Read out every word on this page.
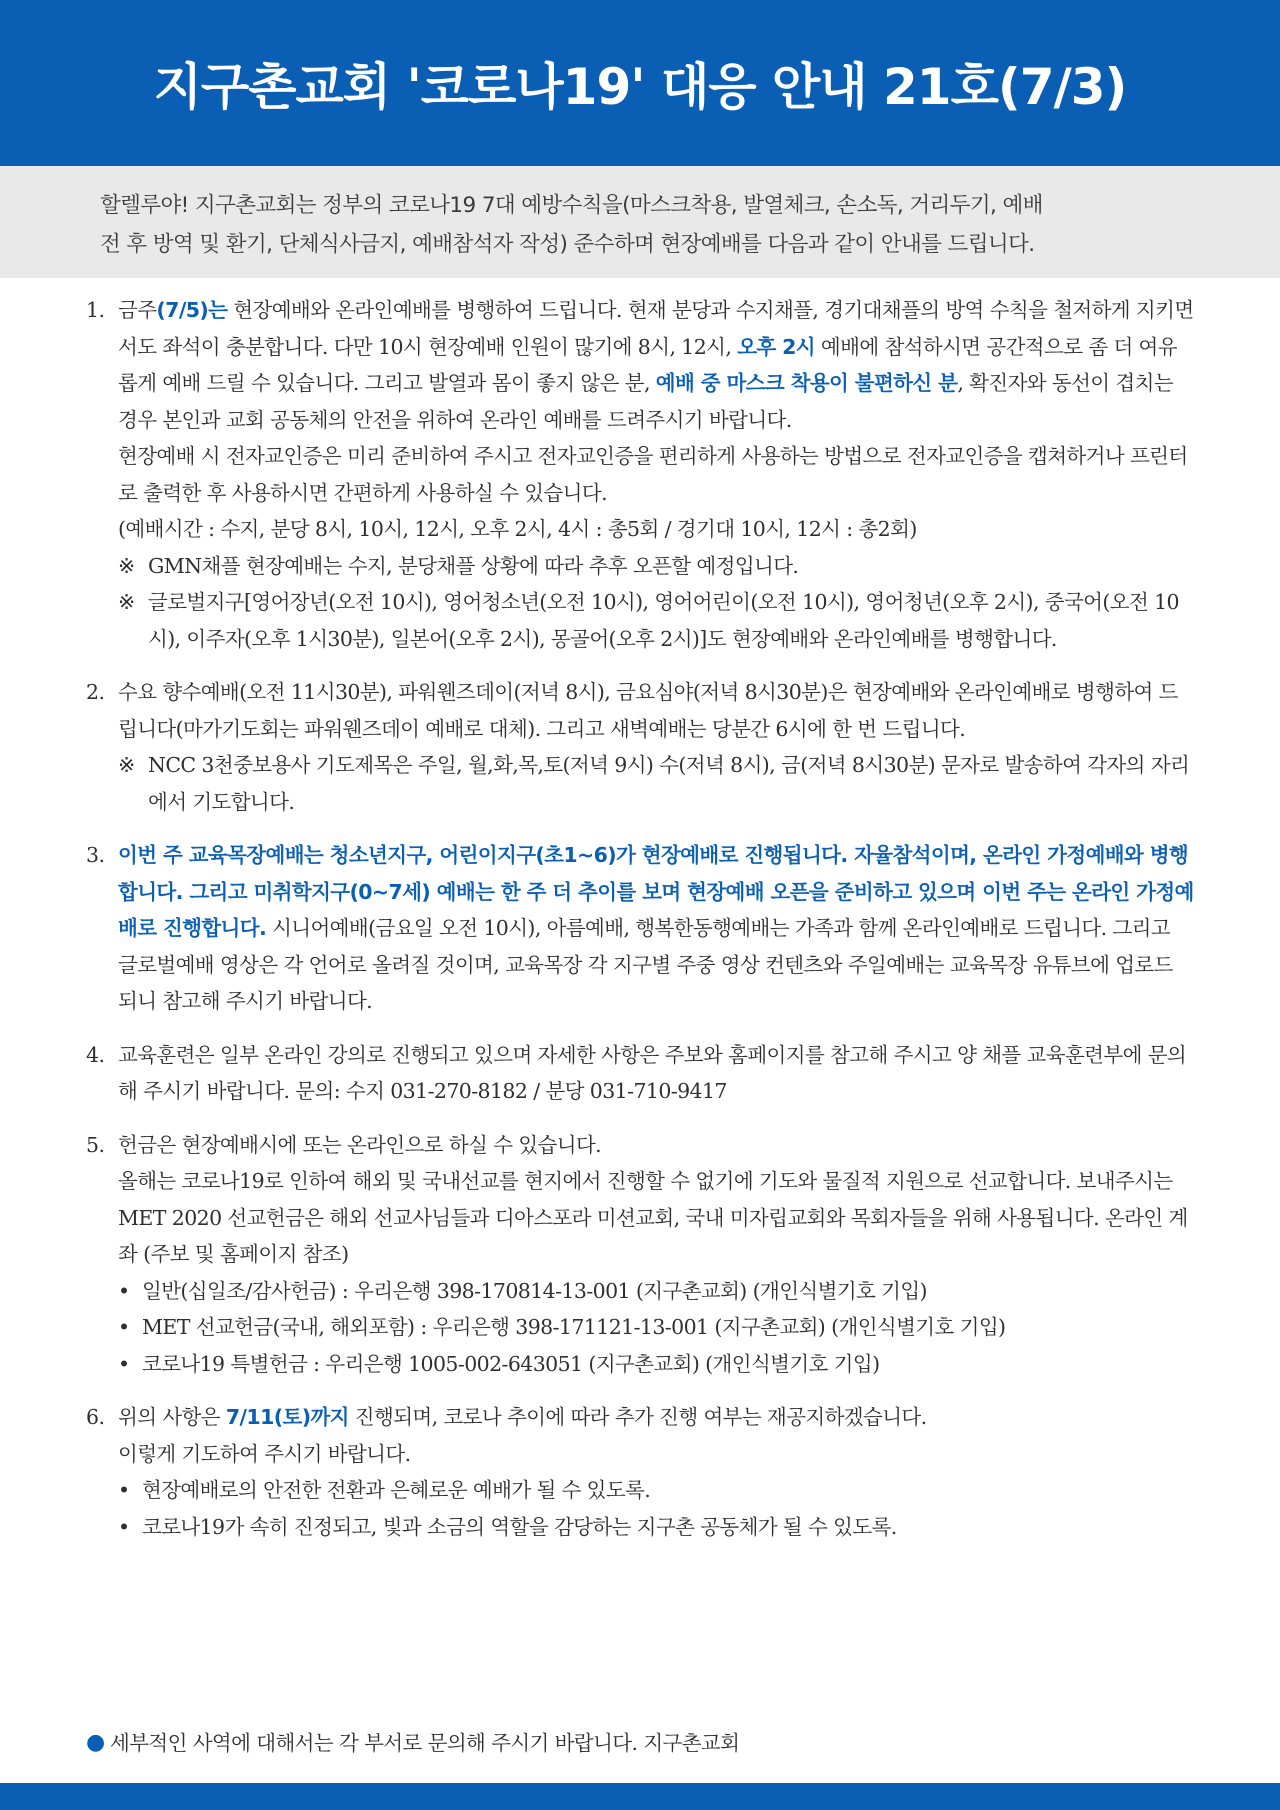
지구촌교회 '코로나19' 대응 안내 21호(7/3)
할렐루야! 지구촌교회는 정부의 코로나19 7대 예방수칙을(마스크착용, 발열체크, 손소독, 거리두기, 예배
전 후 방역 및 환기, 단체식사금지, 예배참석자 작성) 준수하며 현장예배를 다음과 같이 안내를 드립니다.
1. 금주(7/5)는 현장예배와 온라인예배를 병행하여 드립니다. 현재 분당과 수지채플, 경기대채플의 방역 수칙을 철저하게 지키면서도 좌석이 충분합니다. 다만 10시 현장예배 인원이 많기에 8시, 12시, 오후 2시 예배에 참석하시면 공간적으로 좀 더 여유롭게 예배 드릴 수 있습니다. 그리고 발열과 몸이 좋지 않은 분, 예배 중 마스크 착용이 불편하신 분, 확진자와 동선이 겹치는 경우 본인과 교회 공동체의 안전을 위하여 온라인 예배를 드려주시기 바랍니다.

현장예배 시 전자교인증은 미리 준비하여 주시고 전자교인증을 편리하게 사용하는 방법으로 전자교인증을 캡쳐하거나 프린터로 출력한 후 사용하시면 간편하게 사용하실 수 있습니다.

(예배시간 : 수지, 분당 8시, 10시, 12시, 오후 2시, 4시 : 총5회 / 경기대 10시, 12시 : 총2회)

※ GMN채플 현장예배는 수지, 분당채플 상황에 따라 추후 오픈할 예정입니다.
※ 글로벌지구[영어장년(오전 10시), 영어청소년(오전 10시), 영어어린이(오전 10시), 영어청년(오후 2시), 중국어(오전 10시), 이주자(오후 1시30분), 일본어(오후 2시), 몽골어(오후 2시)]도 현장예배와 온라인예배를 병행합니다.
2. 수요 향수예배(오전 11시30분), 파워웬즈데이(저녁 8시), 금요심야(저녁 8시30분)은 현장예배와 온라인예배로 병행하여 드립니다(마가기도회는 파워웬즈데이 예배로 대체). 그리고 새벽예배는 당분간 6시에 한 번 드립니다.

※ NCC 3천중보용사 기도제목은 주일, 월,화,목,토(저녁 9시) 수(저녁 8시), 금(저녁 8시30분) 문자로 발송하여 각자의 자리에서 기도합니다.
3. 이번 주 교육목장예배는 청소년지구, 어린이지구(초1~6)가 현장예배로 진행됩니다. 자율참석이며, 온라인 가정예배와 병행합니다. 그리고 미취학지구(0~7세) 예배는 한 주 더 추이를 보며 현장예배 오픈을 준비하고 있으며 이번 주는 온라인 가정예배로 진행합니다. 시니어예배(금요일 오전 10시), 아름예배, 행복한동행예배는 가족과 함께 온라인예배로 드립니다. 그리고 글로벌예배 영상은 각 언어로 올려질 것이며, 교육목장 각 지구별 주중 영상 컨텐츠와 주일예배는 교육목장 유튜브에 업로드 되니 참고해 주시기 바랍니다.

4. 교육훈련은 일부 온라인 강의로 진행되고 있으며 자세한 사항은 주보와 홈페이지를 참고해 주시고 양 채플 교육훈련부에 문의해 주시기 바랍니다. 문의: 수지 031-270-8182 / 분당 031-710-9417

5. 헌금은 현장예배시에 또는 온라인으로 하실 수 있습니다.

올해는 코로나19로 인하여 해외 및 국내선교를 현지에서 진행할 수 없기에 기도와 물질적 지원으로 선교합니다. 보내주시는 MET 2020 선교헌금은 해외 선교사님들과 디아스포라 미션교회, 국내 미자립교회와 목회자들을 위해 사용됩니다. 온라인 계좌 (주보 및 홈페이지 참조)

• 일반(십일조/감사헌금) : 우리은행 398-170814-13-001 (지구촌교회) (개인식별기호 기입)
• MET 선교헌금(국내, 해외포함) : 우리은행 398-171121-13-001 (지구촌교회) (개인식별기호 기입)
• 코로나19 특별헌금 : 우리은행 1005-002-643051 (지구촌교회) (개인식별기호 기입)
6. 위의 사항은 7/11(토)까지 진행되며, 코로나 추이에 따라 추가 진행 여부는 재공지하겠습니다.

이렇게 기도하여 주시기 바랍니다.

• 현장예배로의 안전한 전환과 은혜로운 예배가 될 수 있도록.
• 코로나19가 속히 진정되고, 빛과 소금의 역할을 감당하는 지구촌 공동체가 될 수 있도록.
● 세부적인 사역에 대해서는 각 부서로 문의해 주시기 바랍니다. 지구촌교회
